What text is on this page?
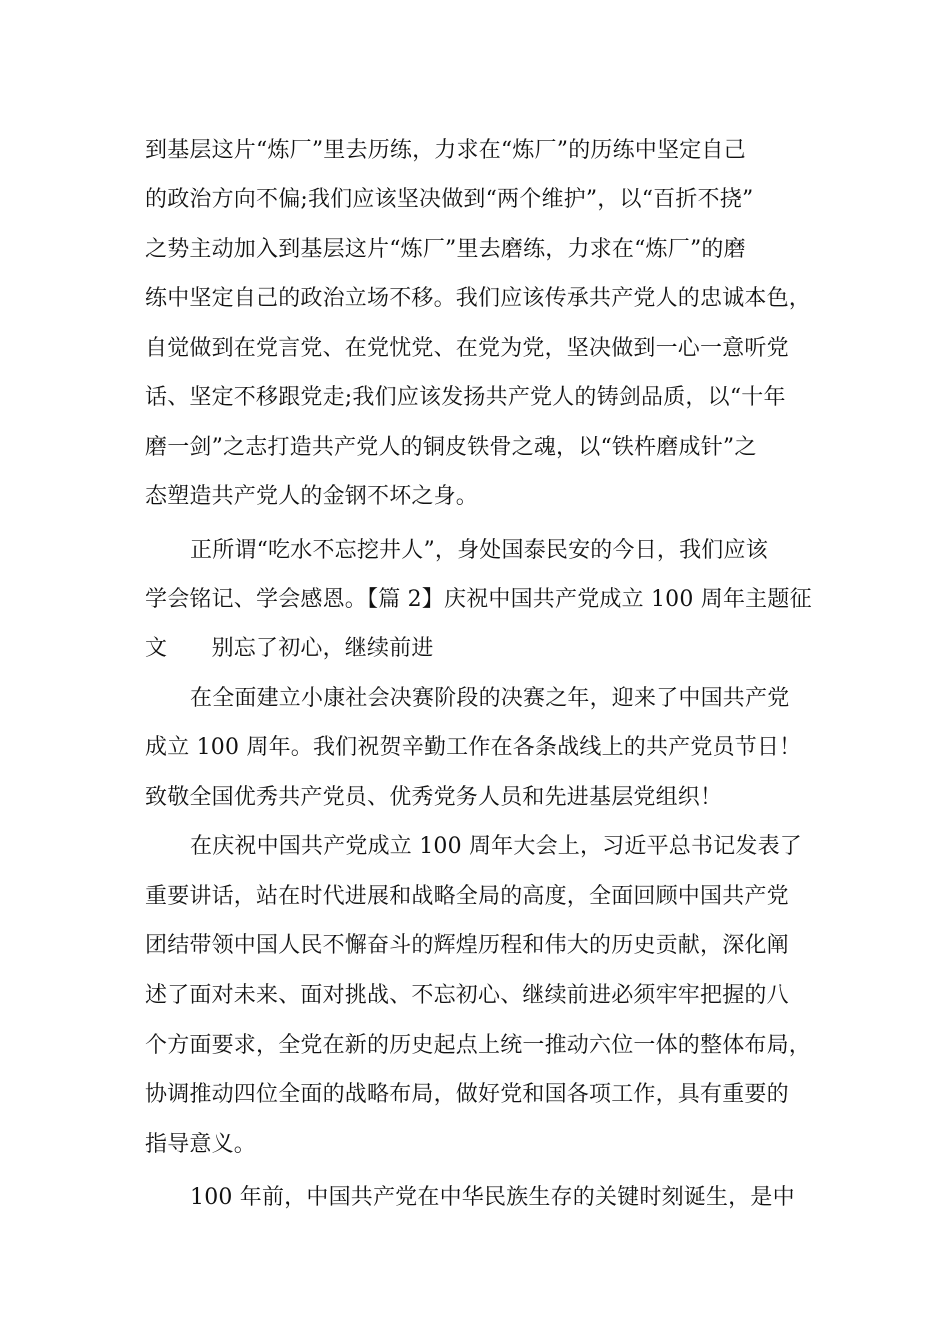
到基层这片“炼厂”里去历练，力求在“炼厂”的历练中坚定自己
的政治方向不偏;我们应该坚决做到“两个维护”，以“百折不挠”
之势主动加入到基层这片“炼厂”里去磨练，力求在“炼厂”的磨
练中坚定自己的政治立场不移。我们应该传承共产党人的忠诚本色，
自觉做到在党言党、在党忧党、在党为党，坚决做到一心一意听党
话、坚定不移跟党走;我们应该发扬共产党人的铸剑品质，以“十年
磨一剑”之志打造共产党人的铜皮铁骨之魂，以“铁杵磨成针”之
态塑造共产党人的金钢不坏之身。
正所谓“吃水不忘挖井人”，身处国泰民安的今日，我们应该
学会铭记、学会感恩。【篇 2】庆祝中国共产党成立 100 周年主题征
文　　别忘了初心，继续前进
在全面建立小康社会决赛阶段的决赛之年，迎来了中国共产党
成立 100 周年。我们祝贺辛勤工作在各条战线上的共产党员节日！
致敬全国优秀共产党员、优秀党务人员和先进基层党组织！
在庆祝中国共产党成立 100 周年大会上，习近平总书记发表了
重要讲话，站在时代进展和战略全局的高度，全面回顾中国共产党
团结带领中国人民不懈奋斗的辉煌历程和伟大的历史贡献，深化阐
述了面对未来、面对挑战、不忘初心、继续前进必须牢牢把握的八
个方面要求，全党在新的历史起点上统一推动六位一体的整体布局，
协调推动四位全面的战略布局，做好党和国各项工作，具有重要的
指导意义。
100 年前，中国共产党在中华民族生存的关键时刻诞生，是中
